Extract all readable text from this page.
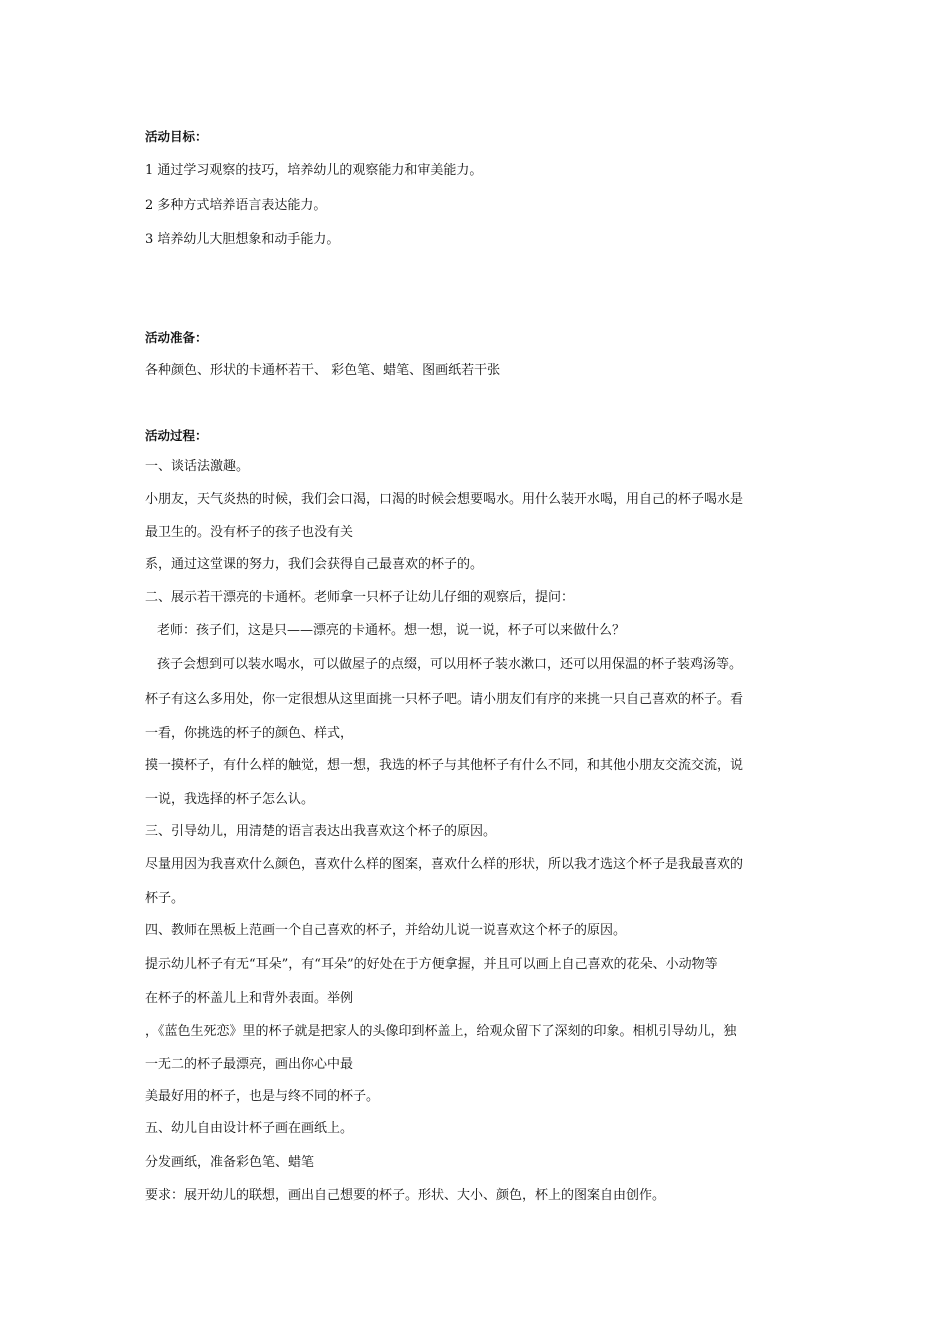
活动目标：
1 通过学习观察的技巧，培养幼儿的观察能力和审美能力。
2 多种方式培养语言表达能力。
3 培养幼儿大胆想象和动手能力。
活动准备：
各种颜色、形状的卡通杯若干、 彩色笔、蜡笔、图画纸若干张
活动过程：
一、谈话法激趣。
小朋友，天气炎热的时候，我们会口渴，口渴的时候会想要喝水。用什么装开水喝，用自己的杯子喝水是
最卫生的。没有杯子的孩子也没有关
系，通过这堂课的努力，我们会获得自己最喜欢的杯子的。
二、展示若干漂亮的卡通杯。老师拿一只杯子让幼儿仔细的观察后，提问：
老师：孩子们，这是只——漂亮的卡通杯。想一想，说一说，杯子可以来做什么？
孩子会想到可以装水喝水，可以做屋子的点缀，可以用杯子装水漱口，还可以用保温的杯子装鸡汤等。
杯子有这么多用处，你一定很想从这里面挑一只杯子吧。请小朋友们有序的来挑一只自己喜欢的杯子。看
一看，你挑选的杯子的颜色、样式，
摸一摸杯子，有什么样的触觉，想一想，我选的杯子与其他杯子有什么不同，和其他小朋友交流交流，说
一说，我选择的杯子怎么认。
三、引导幼儿，用清楚的语言表达出我喜欢这个杯子的原因。
尽量用因为我喜欢什么颜色，喜欢什么样的图案，喜欢什么样的形状，所以我才选这个杯子是我最喜欢的
杯子。
四、教师在黑板上范画一个自己喜欢的杯子，并给幼儿说一说喜欢这个杯子的原因。
提示幼儿杯子有无“耳朵”，有“耳朵”的好处在于方便拿握，并且可以画上自己喜欢的花朵、小动物等
在杯子的杯盖儿上和背外表面。举例
，《蓝色生死恋》里的杯子就是把家人的头像印到杯盖上，给观众留下了深刻的印象。相机引导幼儿，独
一无二的杯子最漂亮，画出你心中最
美最好用的杯子，也是与终不同的杯子。
五、幼儿自由设计杯子画在画纸上。
分发画纸，准备彩色笔、蜡笔
要求：展开幼儿的联想，画出自己想要的杯子。形状、大小、颜色，杯上的图案自由创作。
